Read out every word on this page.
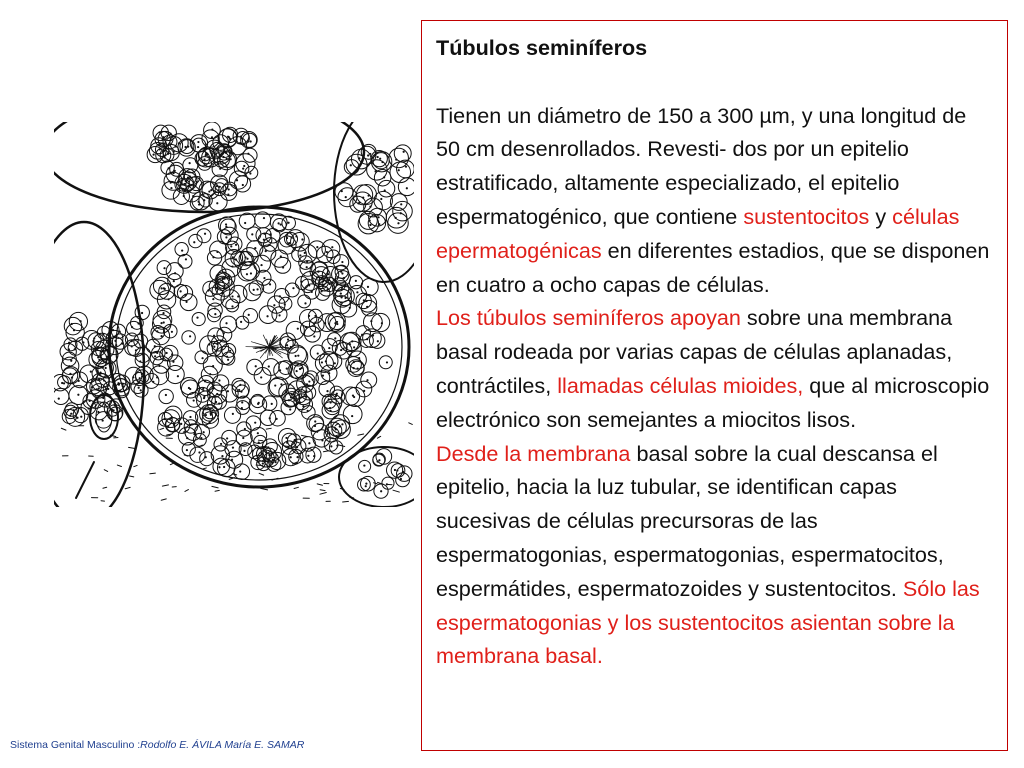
Túbulos seminíferos
Tienen un diámetro de 150 a 300 µm, y una longitud de 50 cm desenrollados. Revesti- dos por un epitelio estratificado, altamente especializado, el epitelio espermatogénico, que contiene sustentocitos y células epermatogénicas en diferentes estadios, que se disponen en cuatro a ocho capas de células.
Los túbulos seminíferos apoyan sobre una membrana basal rodeada por varias capas de células aplanadas, contráctiles, llamadas células mioides, que al microscopio electrónico son semejantes a miocitos lisos.
Desde la membrana basal sobre la cual descansa el epitelio, hacia la luz tubular, se identifican capas sucesivas de células precursoras de las espermatogonias, espermatogonias, espermatocitos, espermátides, espermatozoides y sustentocitos. Sólo las espermatogonias y los sustentocitos asientan sobre la membrana basal.
Sistema Genital Masculino :Rodolfo E. ÁVILA María E. SAMAR
